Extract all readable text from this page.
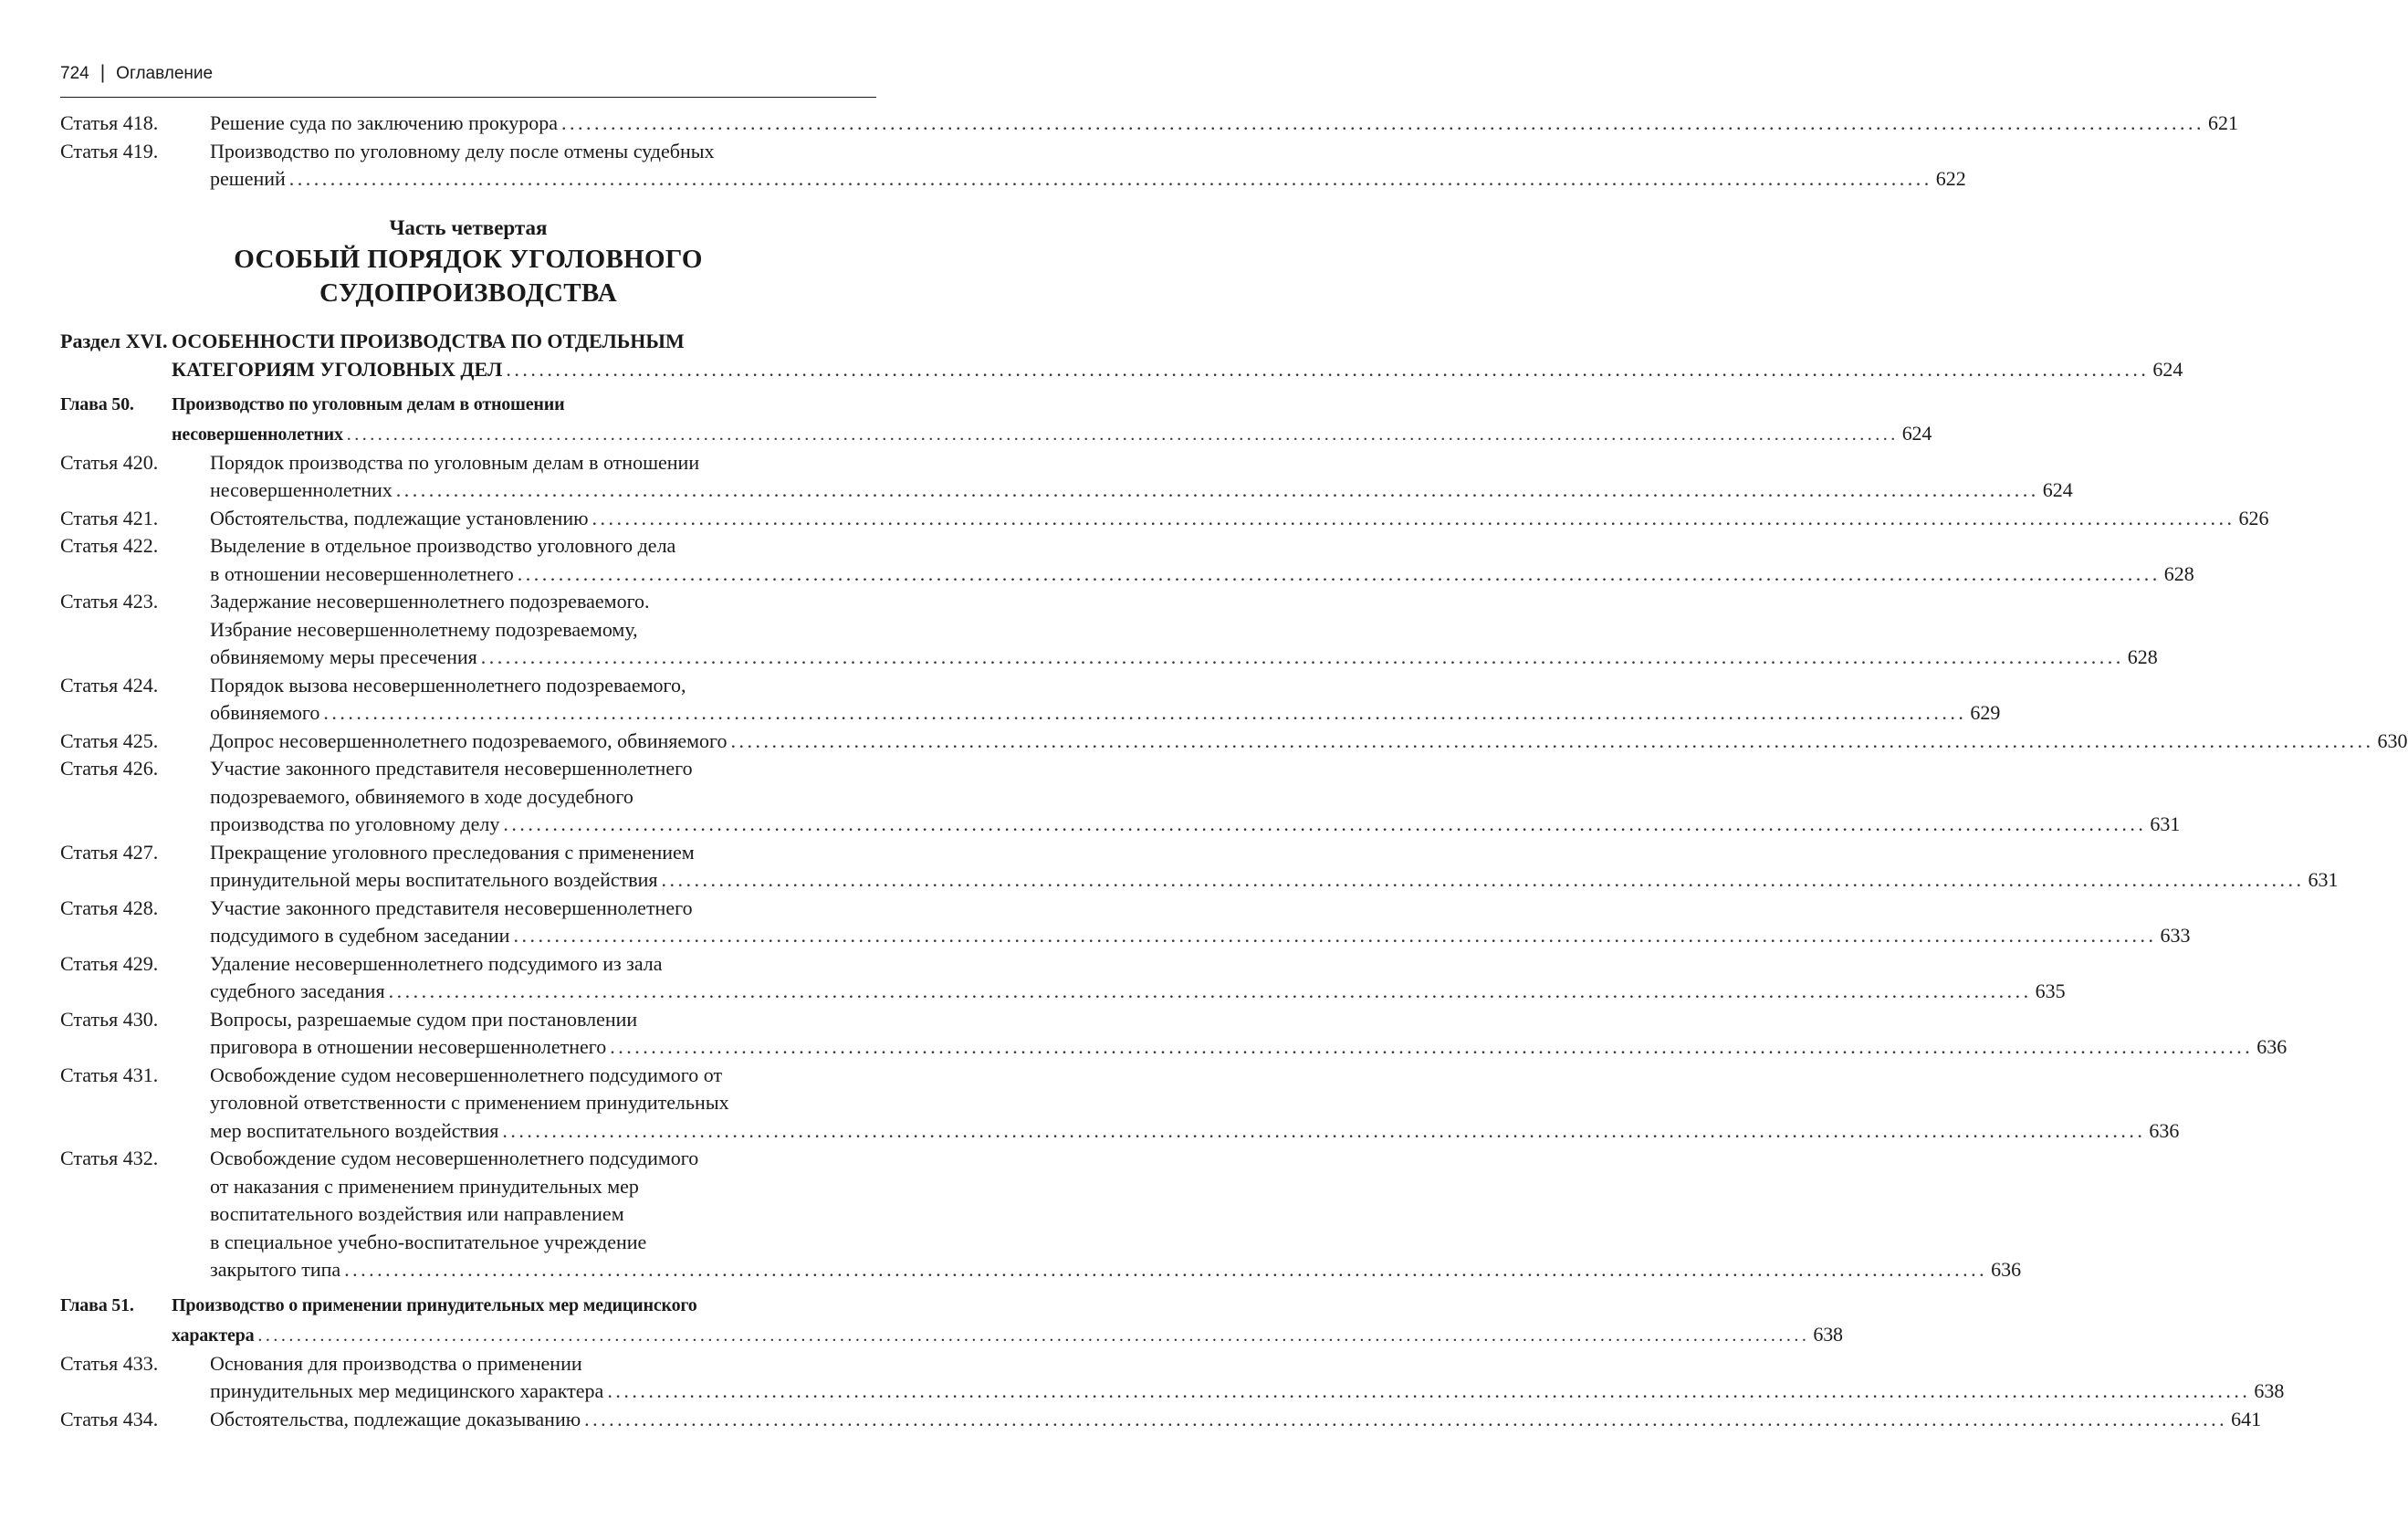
724 | Оглавление
Статья 418.	Решение суда по заключению прокурора ........................................................................................................................................................................................................ 621
Статья 419.	Производство по уголовному делу после отмены судебных
решений ........................................................................................................................................................................................................ 622
Часть четвертая
ОСОБЫЙ ПОРЯДОК УГОЛОВНОГО
СУДОПРОИЗВОДСТВА
Раздел XVI. ОСОБЕННОСТИ ПРОИЗВОДСТВА ПО ОТДЕЛЬНЫМ
КАТЕГОРИЯМ УГОЛОВНЫХ ДЕЛ ........................................................................................................................................................................................................ 624
Глава 50. Производство по уголовным делам в отношении
несовершеннолетних ........................................................................................................................................................................................................ 624
Статья 420.	Порядок производства по уголовным делам в отношении
несовершеннолетних ........................................................................................................................................................................................................ 624
Статья 421.	Обстоятельства, подлежащие установлению ........................................................................................................................................................................................................ 626
Статья 422.	Выделение в отдельное производство уголовного дела
в отношении несовершеннолетнего ........................................................................................................................................................................................................ 628
Статья 423.	Задержание несовершеннолетнего подозреваемого.
Избрание несовершеннолетнему подозреваемому,
обвиняемому меры пресечения ........................................................................................................................................................................................................ 628
Статья 424.	Порядок вызова несовершеннолетнего подозреваемого,
обвиняемого ........................................................................................................................................................................................................ 629
Статья 425.	Допрос несовершеннолетнего подозреваемого, обвиняемого ........................................................................................................................................................................................................ 630
Статья 426.	Участие законного представителя несовершеннолетнего
подозреваемого, обвиняемого в ходе досудебного
производства по уголовному делу ........................................................................................................................................................................................................ 631
Статья 427.	Прекращение уголовного преследования с применением
принудительной меры воспитательного воздействия ........................................................................................................................................................................................................ 631
Статья 428.	Участие законного представителя несовершеннолетнего
подсудимого в судебном заседании ........................................................................................................................................................................................................ 633
Статья 429.	Удаление несовершеннолетнего подсудимого из зала
судебного заседания ........................................................................................................................................................................................................ 635
Статья 430.	Вопросы, разрешаемые судом при постановлении
приговора в отношении несовершеннолетнего ........................................................................................................................................................................................................ 636
Статья 431.	Освобождение судом несовершеннолетнего подсудимого от
уголовной ответственности с применением принудительных
мер воспитательного воздействия ........................................................................................................................................................................................................ 636
Статья 432.	Освобождение судом несовершеннолетнего подсудимого
от наказания с применением принудительных мер
воспитательного воздействия или направлением
в специальное учебно-воспитательное учреждение
закрытого типа ........................................................................................................................................................................................................ 636
Глава 51. Производство о применении принудительных мер медицинского
характера ........................................................................................................................................................................................................ 638
Статья 433.	Основания для производства о применении
принудительных мер медицинского характера ........................................................................................................................................................................................................ 638
Статья 434.	Обстоятельства, подлежащие доказыванию ........................................................................................................................................................................................................ 641
